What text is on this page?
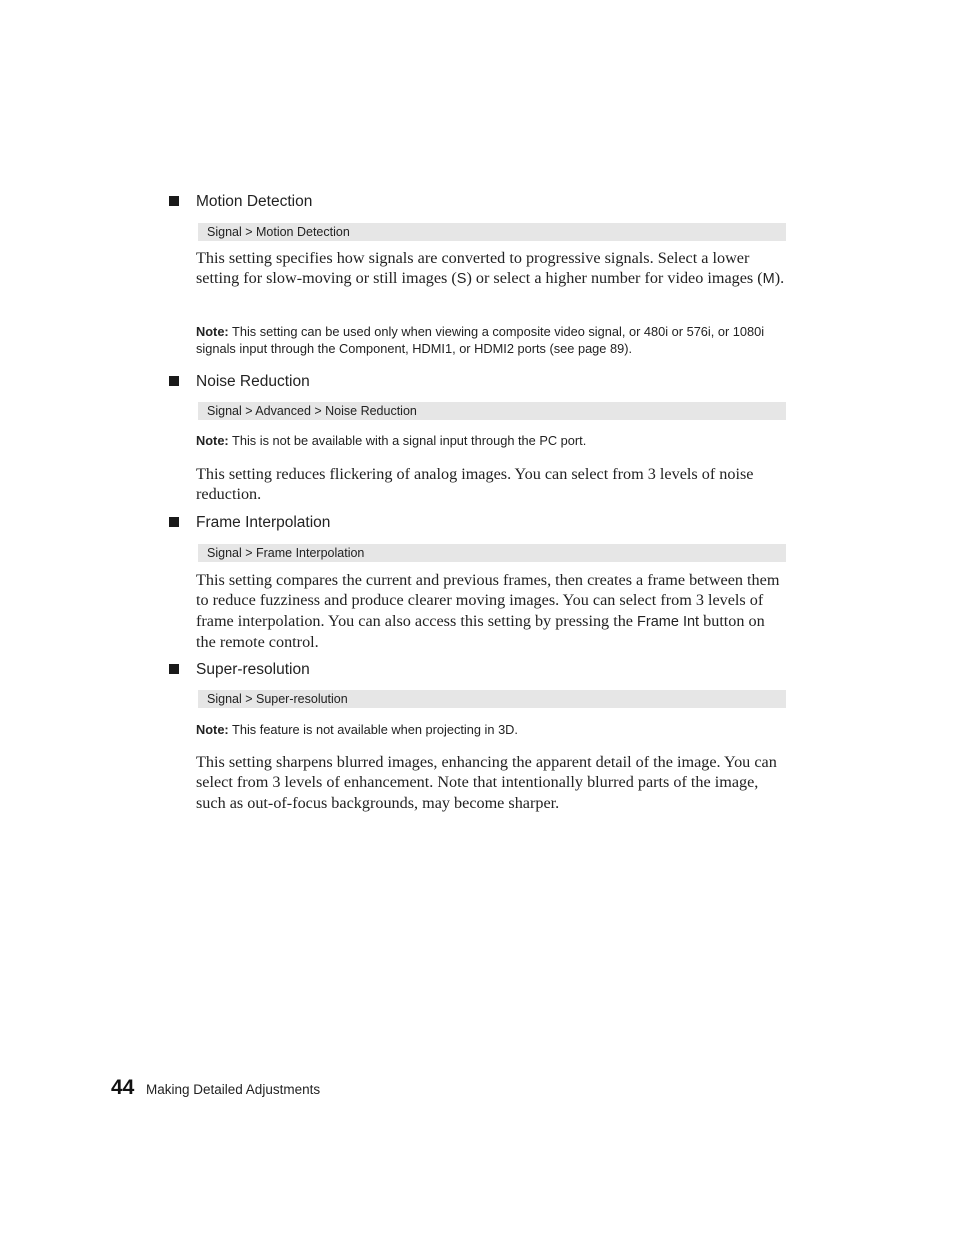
Motion Detection
Signal > Motion Detection
This setting specifies how signals are converted to progressive signals. Select a lower setting for slow-moving or still images (S) or select a higher number for video images (M).
Note: This setting can be used only when viewing a composite video signal, or 480i or 576i, or 1080i signals input through the Component, HDMI1, or HDMI2 ports (see page 89).
Noise Reduction
Signal > Advanced > Noise Reduction
Note: This is not be available with a signal input through the PC port.
This setting reduces flickering of analog images. You can select from 3 levels of noise reduction.
Frame Interpolation
Signal > Frame Interpolation
This setting compares the current and previous frames, then creates a frame between them to reduce fuzziness and produce clearer moving images. You can select from 3 levels of frame interpolation. You can also access this setting by pressing the Frame Int button on the remote control.
Super-resolution
Signal > Super-resolution
Note: This feature is not available when projecting in 3D.
This setting sharpens blurred images, enhancing the apparent detail of the image. You can select from 3 levels of enhancement. Note that intentionally blurred parts of the image, such as out-of-focus backgrounds, may become sharper.
44 Making Detailed Adjustments
